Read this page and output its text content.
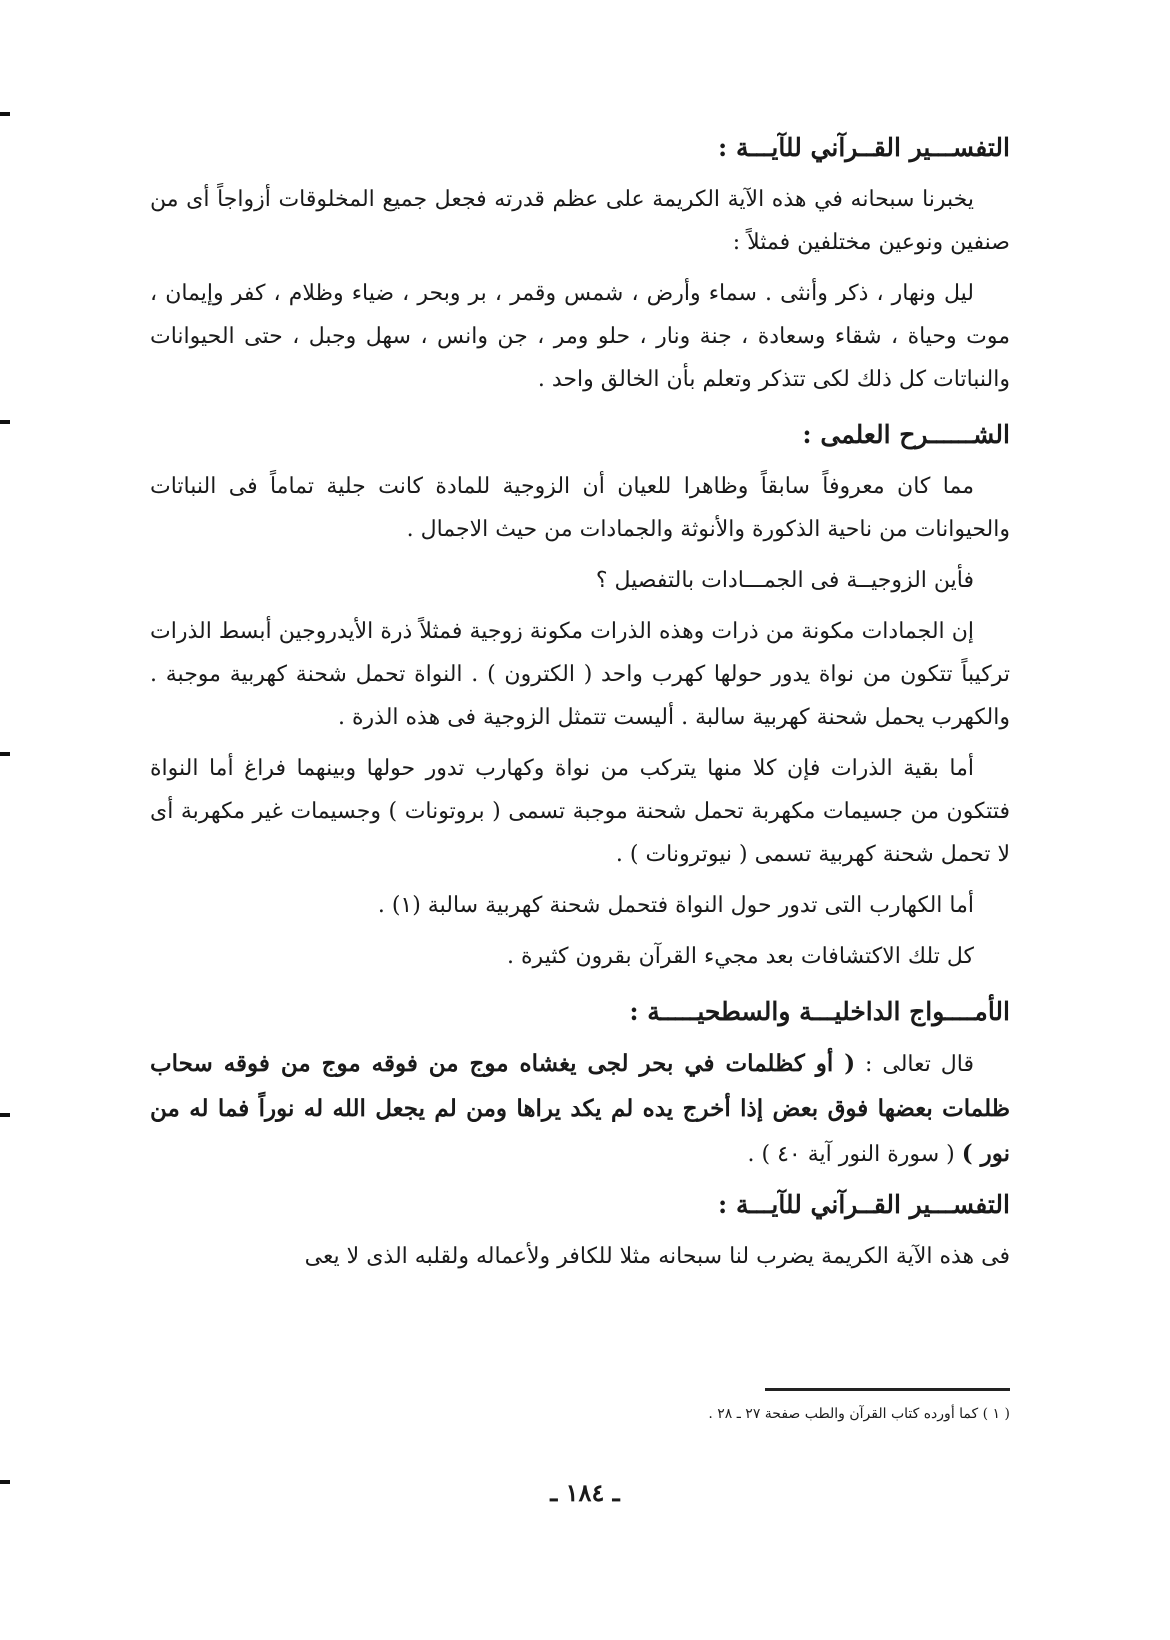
التفســـير القــرآني للآيـــة :

يخبرنا سبحانه في هذه الآية الكريمة على عظم قدرته فجعل جميع المخلوقات أزواجاً أى من صنفين ونوعين مختلفين فمثلاً :

ليل ونهار ، ذكر وأنثى . سماء وأرض ، شمس وقمر ، بر وبحر ، ضياء وظلام ، كفر وإيمان ، موت وحياة ، شقاء وسعادة ، جنة ونار ، حلو ومر ، جن وانس ، سهل وجبل ، حتى الحيوانات والنباتات كل ذلك لكى تتذكر وتعلم بأن الخالق واحد .

الشــــــرح العلمى :

مما كان معروفاً سابقاً وظاهرا للعيان أن الزوجية للمادة كانت جلية تماماً فى النباتات والحيوانات من ناحية الذكورة والأنوثة والجمادات من حيث الاجمال .

فأين الزوجيــة فى الجمـــادات بالتفصيل ؟

إن الجمادات مكونة من ذرات وهذه الذرات مكونة زوجية فمثلاً ذرة الأيدروجين أبسط الذرات تركيباً تتكون من نواة يدور حولها كهرب واحد ( الكترون ) . النواة تحمل شحنة كهربية موجبة . والكهرب يحمل شحنة كهربية سالبة . أليست تتمثل الزوجية فى هذه الذرة .

أما بقية الذرات فإن كلا منها يتركب من نواة وكهارب تدور حولها وبينهما فراغ أما النواة فتتكون من جسيمات مكهربة تحمل شحنة موجبة تسمى ( بروتونات ) وجسيمات غير مكهربة أى لا تحمل شحنة كهربية تسمى ( نيوترونات ) .

أما الكهارب التى تدور حول النواة فتحمل شحنة كهربية سالبة (١) .

كل تلك الاكتشافات بعد مجيء القرآن بقرون كثيرة .

الأمــــواج الداخليـــة والسطحيـــــة :

قال تعالى : ( أو كظلمات في بحر لجى يغشاه موج من فوقه موج من فوقه سحاب ظلمات بعضها فوق بعض إذا أخرج يده لم يكد يراها ومن لم يجعل الله له نوراً فما له من نور ) ( سورة النور آية ٤٠ ) .

التفســـير القــرآني للآيـــة :

فى هذه الآية الكريمة يضرب لنا سبحانه مثلا للكافر ولأعماله ولقلبه الذى لا يعى

( ١ ) كما أورده كتاب القرآن والطب صفحة ٢٧ ـ ٢٨ .
ـ ١٨٤ ـ
